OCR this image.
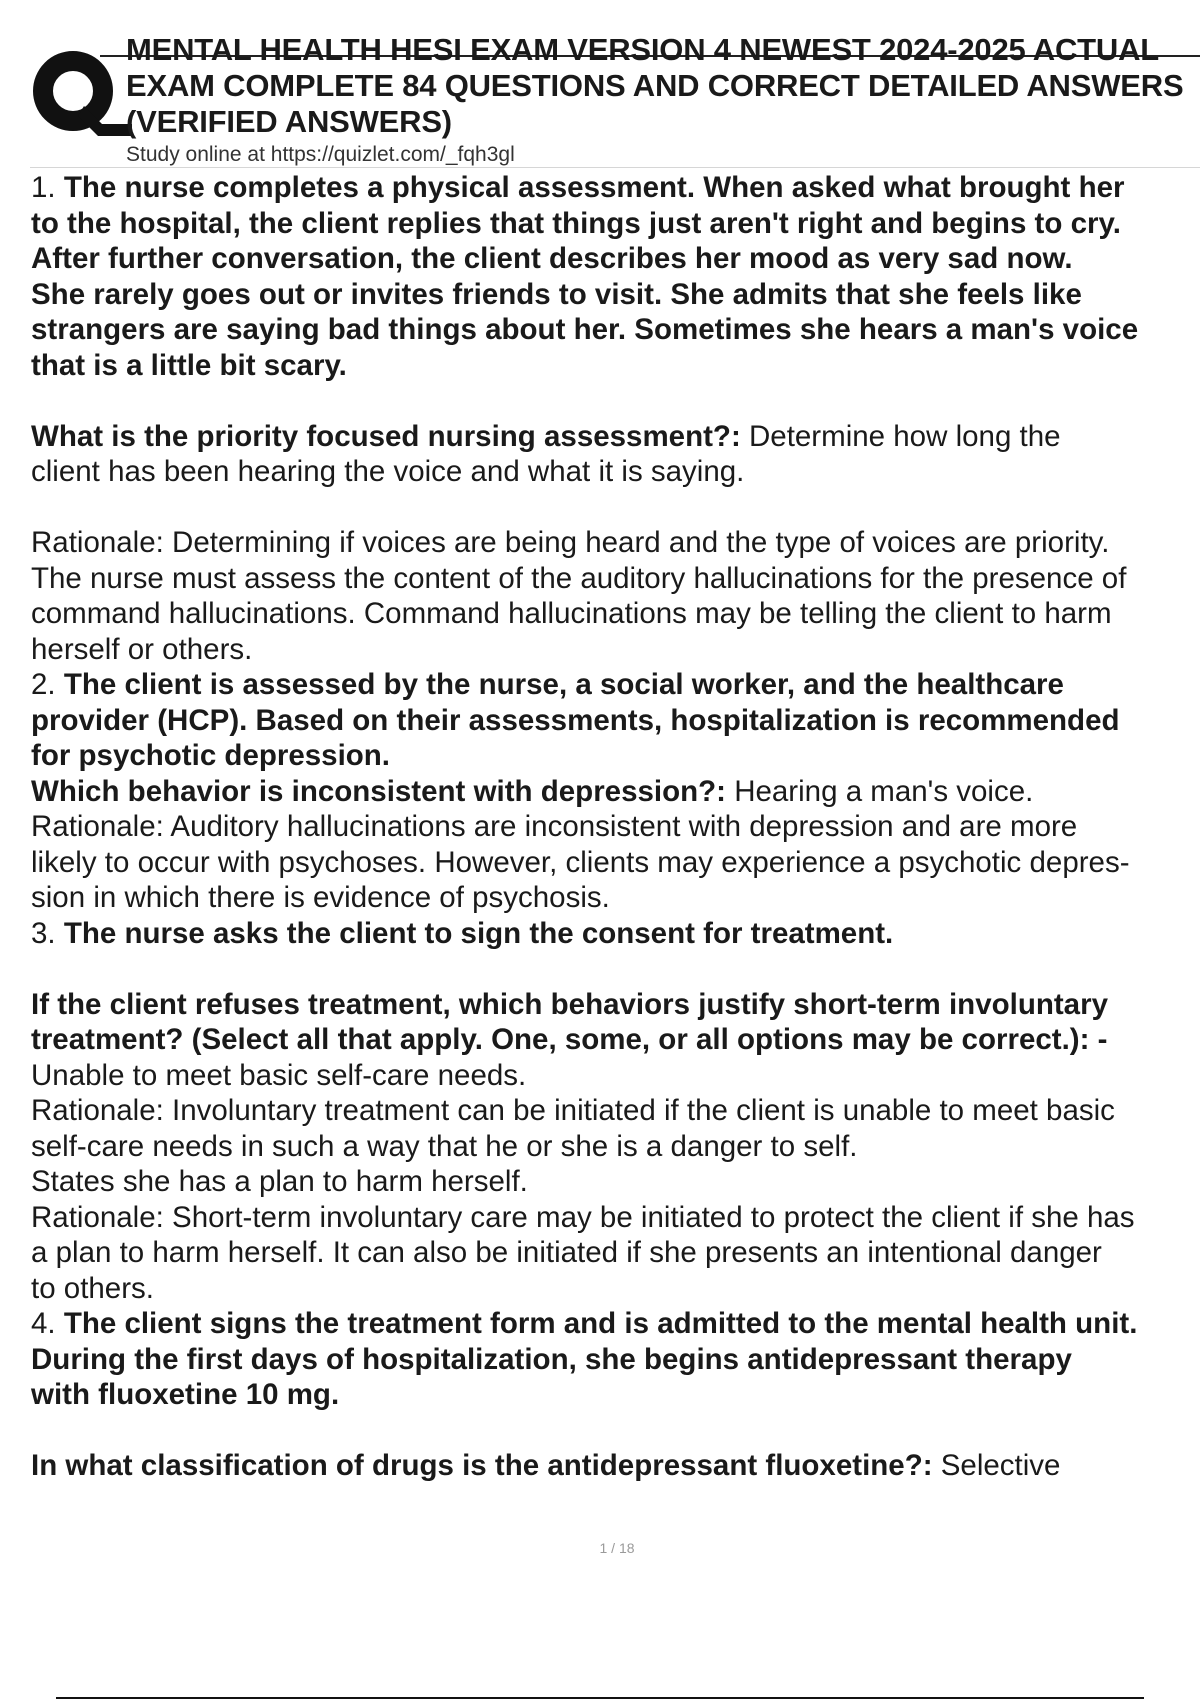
MENTAL HEALTH HESI EXAM VERSION 4 NEWEST 2024-2025 ACTUAL
EXAM COMPLETE 84 QUESTIONS AND CORRECT DETAILED ANSWERS
(VERIFIED ANSWERS)
Study online at https://quizlet.com/_fqh3gl
1. The nurse completes a physical assessment. When asked what brought her
to the hospital, the client replies that things just aren't right and begins to cry.
After further conversation, the client describes her mood as very sad now.
She rarely goes out or invites friends to visit. She admits that she feels like
strangers are saying bad things about her. Sometimes she hears a man's voice
that is a little bit scary.
What is the priority focused nursing assessment?: Determine how long the
client has been hearing the voice and what it is saying.
Rationale: Determining if voices are being heard and the type of voices are priority.
The nurse must assess the content of the auditory hallucinations for the presence of
command hallucinations. Command hallucinations may be telling the client to harm
herself or others.
2. The client is assessed by the nurse, a social worker, and the healthcare
provider (HCP). Based on their assessments, hospitalization is recommended
for psychotic depression.
Which behavior is inconsistent with depression?: Hearing a man's voice.
Rationale: Auditory hallucinations are inconsistent with depression and are more
likely to occur with psychoses. However, clients may experience a psychotic depres-
sion in which there is evidence of psychosis.
3. The nurse asks the client to sign the consent for treatment.
If the client refuses treatment, which behaviors justify short-term involuntary
treatment? (Select all that apply. One, some, or all options may be correct.): -
Unable to meet basic self-care needs.
Rationale: Involuntary treatment can be initiated if the client is unable to meet basic
self-care needs in such a way that he or she is a danger to self.
States she has a plan to harm herself.
Rationale: Short-term involuntary care may be initiated to protect the client if she has
a plan to harm herself. It can also be initiated if she presents an intentional danger
to others.
4. The client signs the treatment form and is admitted to the mental health unit.
During the first days of hospitalization, she begins antidepressant therapy
with fluoxetine 10 mg.
In what classification of drugs is the antidepressant fluoxetine?: Selective
1 / 18
